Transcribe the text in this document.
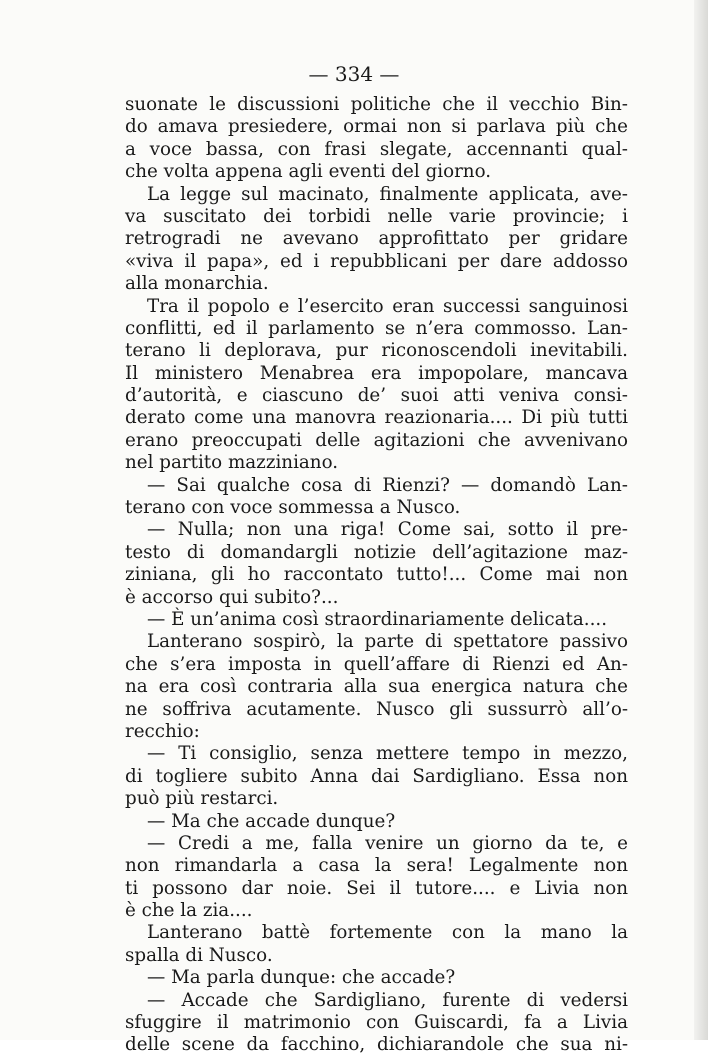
— 334 —
suonate le discussioni politiche che il vecchio Bin-
do amava presiedere, ormai non si parlava più che
a voce bassa, con frasi slegate, accennanti qual-
che volta appena agli eventi del giorno.
La legge sul macinato, finalmente applicata, ave-
va suscitato dei torbidi nelle varie provincie; i
retrogradi ne avevano approfittato per gridare
«viva il papa», ed i repubblicani per dare addosso
alla monarchia.
Tra il popolo e l’esercito eran successi sanguinosi
conflitti, ed il parlamento se n’era commosso. Lan-
terano li deplorava, pur riconoscendoli inevitabili.
Il ministero Menabrea era impopolare, mancava
d’autorità, e ciascuno de’ suoi atti veniva consi-
derato come una manovra reazionaria.... Di più tutti
erano preoccupati delle agitazioni che avvenivano
nel partito mazziniano.
— Sai qualche cosa di Rienzi? — domandò Lan-
terano con voce sommessa a Nusco.
— Nulla; non una riga! Come sai, sotto il pre-
testo di domandargli notizie dell’agitazione maz-
ziniana, gli ho raccontato tutto!... Come mai non
è accorso qui subito?...
— È un’anima così straordinariamente delicata....
Lanterano sospirò, la parte di spettatore passivo
che s’era imposta in quell’affare di Rienzi ed An-
na era così contraria alla sua energica natura che
ne soffriva acutamente. Nusco gli sussurrò all’o-
recchio:
— Ti consiglio, senza mettere tempo in mezzo,
di togliere subito Anna dai Sardigliano. Essa non
può più restarci.
— Ma che accade dunque?
— Credi a me, falla venire un giorno da te, e
non rimandarla a casa la sera! Legalmente non
ti possono dar noie. Sei il tutore.... e Livia non
è che la zia....
Lanterano battè fortemente con la mano la
spalla di Nusco.
— Ma parla dunque: che accade?
— Accade che Sardigliano, furente di vedersi
sfuggire il matrimonio con Guiscardi, fa a Livia
delle scene da facchino, dichiarandole che sua ni-
